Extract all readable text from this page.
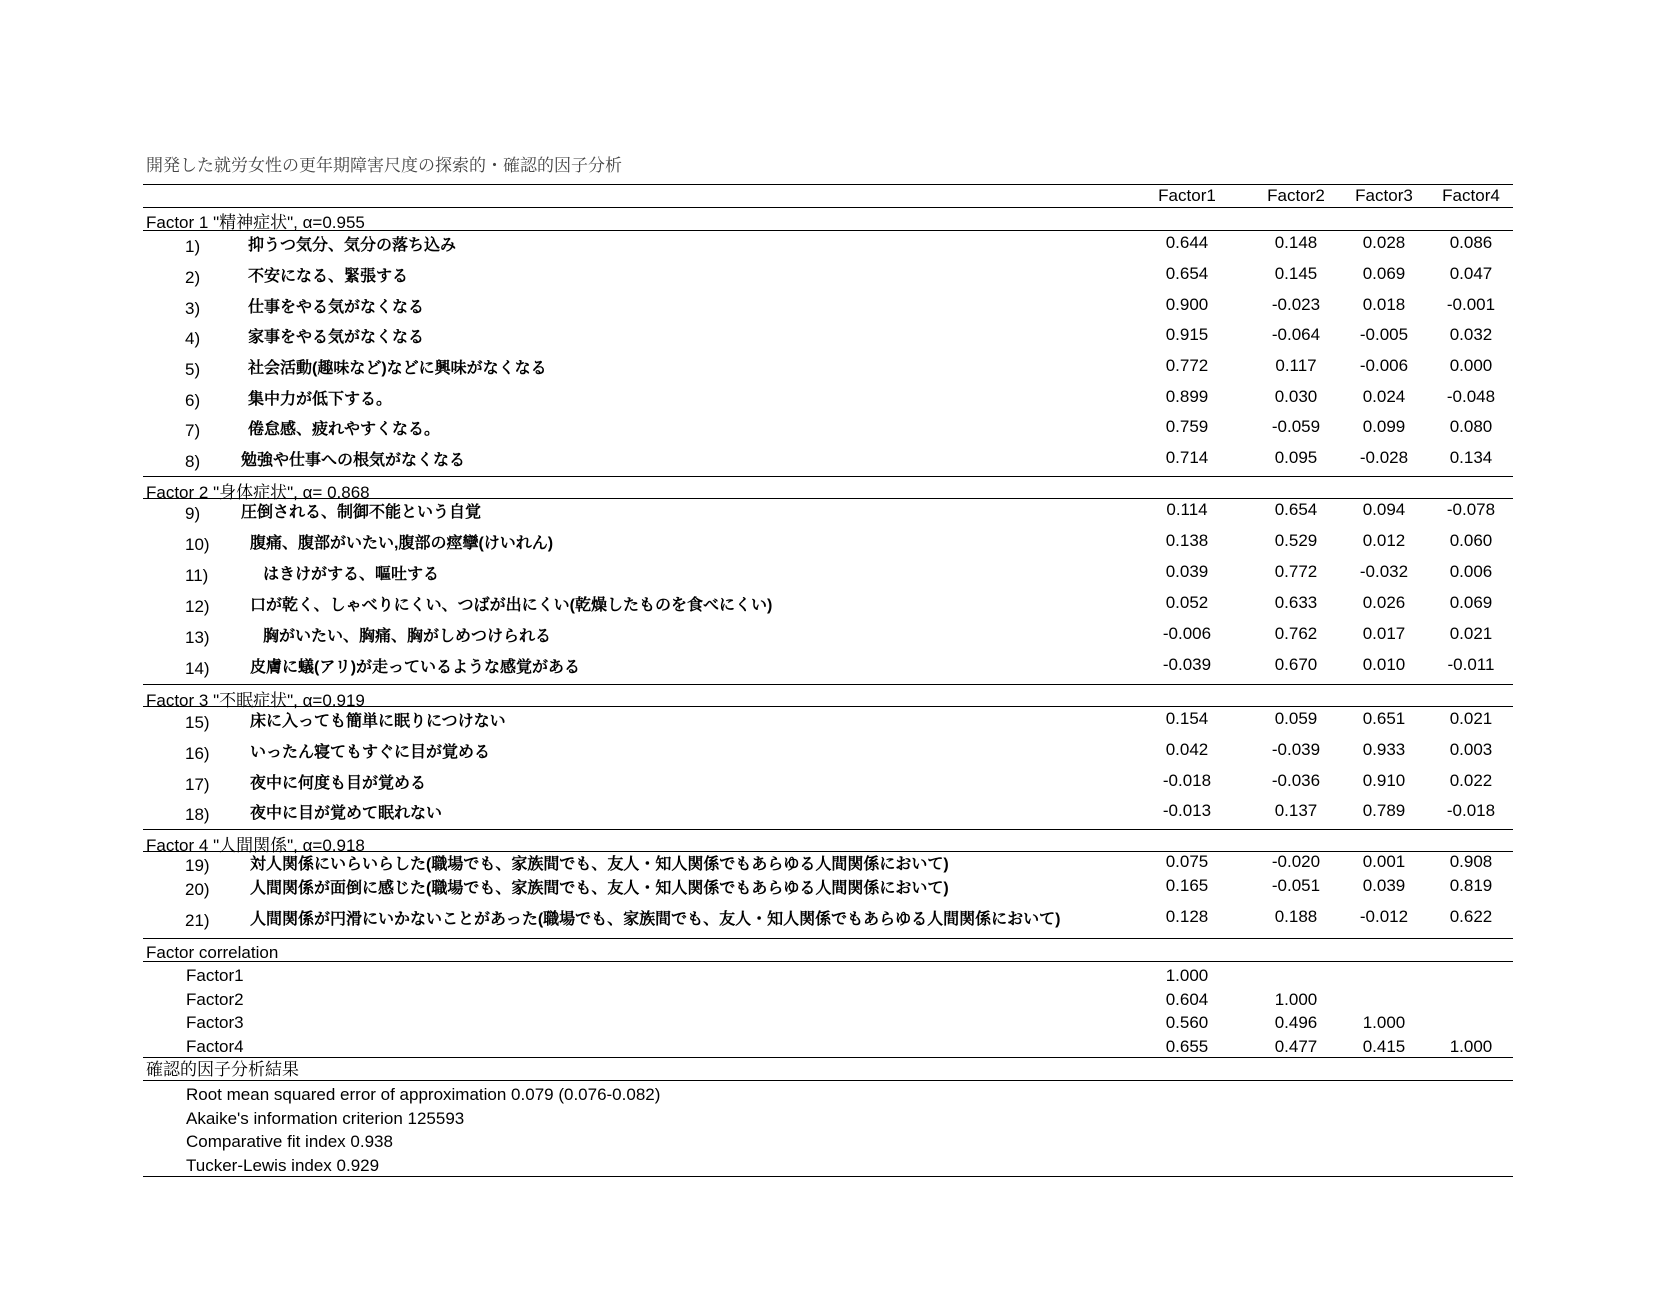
開発した就労女性の更年期障害尺度の探索的・確認的因子分析
Factor1	Factor2	Factor3	Factor4
Factor 1 "精神症状", α=0.955
1)	抑うつ気分、気分の落ち込み	0.644	0.148	0.028	0.086
2)	不安になる、緊張する	0.654	0.145	0.069	0.047
3)	仕事をやる気がなくなる	0.900	-0.023	0.018	-0.001
4)	家事をやる気がなくなる	0.915	-0.064	-0.005	0.032
5)	社会活動(趣味など)などに興味がなくなる	0.772	0.117	-0.006	0.000
6)	集中力が低下する。	0.899	0.030	0.024	-0.048
7)	倦怠感、疲れやすくなる。	0.759	-0.059	0.099	0.080
8)	勉強や仕事への根気がなくなる	0.714	0.095	-0.028	0.134
Factor 2 "身体症状", α= 0.868
9)	圧倒される、制御不能という自覚	0.114	0.654	0.094	-0.078
10)	腹痛、腹部がいたい,腹部の痙攣(けいれん)	0.138	0.529	0.012	0.060
11)	はきけがする、嘔吐する	0.039	0.772	-0.032	0.006
12)	口が乾く、しゃべりにくい、つばが出にくい(乾燥したものを食べにくい)	0.052	0.633	0.026	0.069
13)	胸がいたい、胸痛、胸がしめつけられる	-0.006	0.762	0.017	0.021
14)	皮膚に蟻(アリ)が走っているような感覚がある	-0.039	0.670	0.010	-0.011
Factor 3 "不眠症状", α=0.919
15)	床に入っても簡単に眠りにつけない	0.154	0.059	0.651	0.021
16)	いったん寝てもすぐに目が覚める	0.042	-0.039	0.933	0.003
17)	夜中に何度も目が覚める	-0.018	-0.036	0.910	0.022
18)	夜中に目が覚めて眠れない	-0.013	0.137	0.789	-0.018
Factor 4 "人間関係", α=0.918
19)	対人関係にいらいらした(職場でも、家族間でも、友人・知人関係でもあらゆる人間関係において)	0.075	-0.020	0.001	0.908
20)	人間関係が面倒に感じた(職場でも、家族間でも、友人・知人関係でもあらゆる人間関係において)	0.165	-0.051	0.039	0.819
21)	人間関係が円滑にいかないことがあった(職場でも、家族間でも、友人・知人関係でもあらゆる人間関係において)	0.128	0.188	-0.012	0.622
Factor correlation
Factor1	1.000
Factor2	0.604	1.000
Factor3	0.560	0.496	1.000
Factor4	0.655	0.477	0.415	1.000
確認的因子分析結果
Root mean squared error of approximation 0.079 (0.076-0.082)
Akaike's information criterion 125593
Comparative fit index 0.938
Tucker-Lewis index 0.929
